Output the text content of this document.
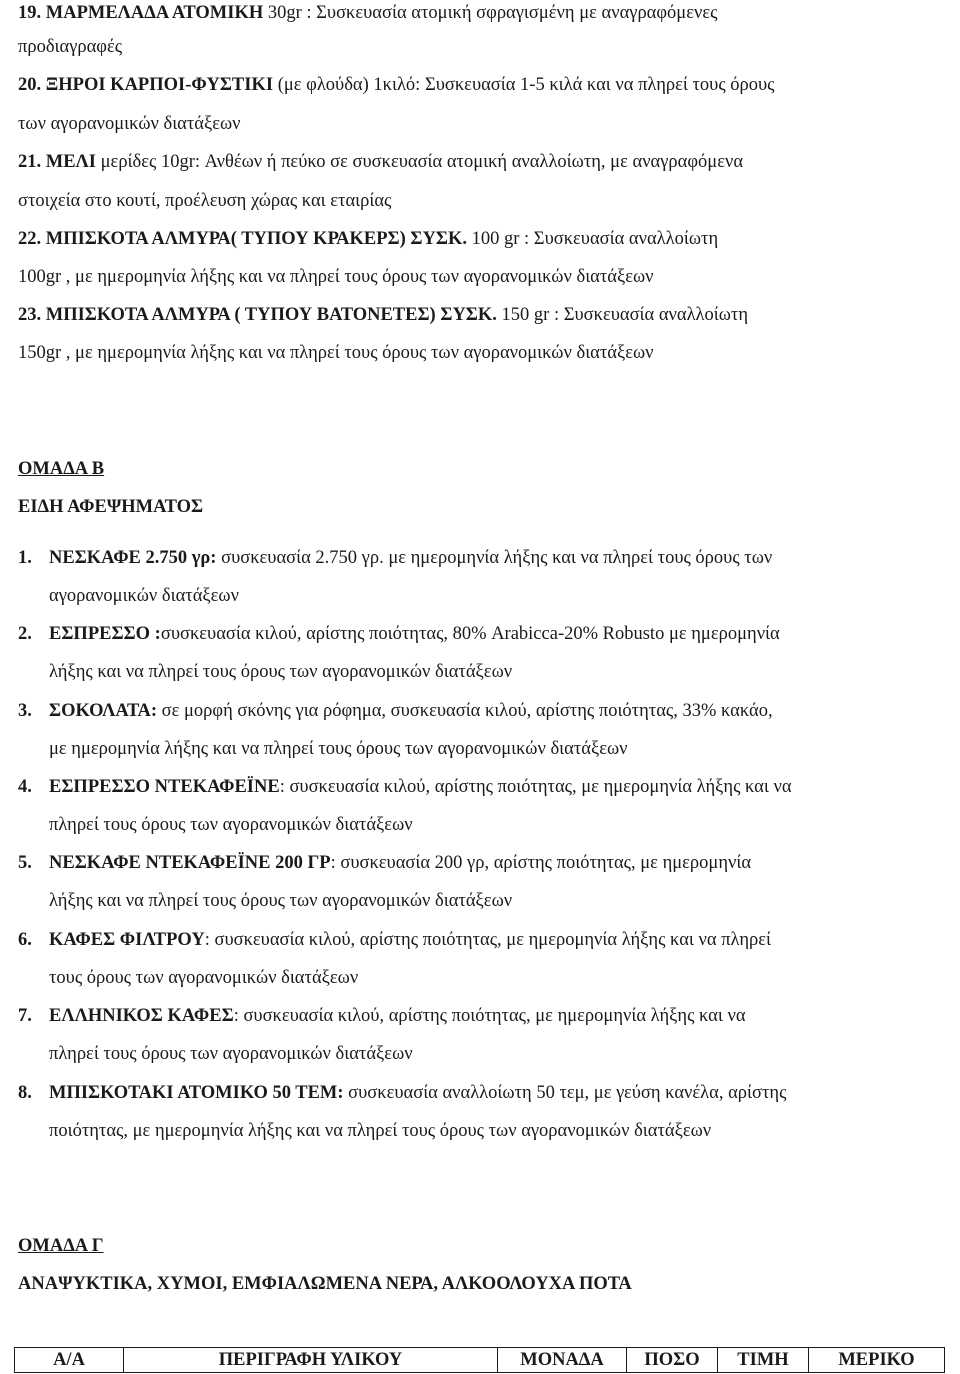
19. ΜΑΡΜΕΛΑΔΑ ΑΤΟΜΙΚΗ 30gr : Συσκευασία ατομική σφραγισμένη με αναγραφόμενες
προδιαγραφές
20. ΞΗΡΟΙ ΚΑΡΠΟΙ-ΦΥΣΤΙΚΙ (με φλούδα) 1κιλό: Συσκευασία 1-5 κιλά και να πληρεί τους όρους
των αγορανομικών διατάξεων
21. ΜΕΛΙ μερίδες 10gr: Ανθέων ή πεύκο σε συσκευασία ατομική αναλλοίωτη, με αναγραφόμενα
στοιχεία στο κουτί, προέλευση χώρας και εταιρίας
22. ΜΠΙΣΚΟΤΑ ΑΛΜΥΡΑ( ΤΥΠΟΥ ΚΡΑΚΕΡΣ) ΣΥΣΚ. 100 gr : Συσκευασία αναλλοίωτη
100gr , με ημερομηνία λήξης και να πληρεί τους όρους των αγορανομικών διατάξεων
23. ΜΠΙΣΚΟΤΑ ΑΛΜΥΡΑ ( ΤΥΠΟΥ ΒΑΤΟΝΕΤΕΣ) ΣΥΣΚ. 150 gr : Συσκευασία αναλλοίωτη
150gr , με ημερομηνία λήξης και να πληρεί τους όρους των αγορανομικών διατάξεων
ΟΜΑΔΑ Β
ΕΙΔΗ ΑΦΕΨΗΜΑΤΟΣ
1. ΝΕΣΚΑΦΕ 2.750 γρ: συσκευασία 2.750 γρ. με ημερομηνία λήξης και να πληρεί τους όρους των
αγορανομικών διατάξεων
2. ΕΣΠΡΕΣΣΟ :συσκευασία κιλού, αρίστης ποιότητας, 80% Arabicca-20% Robusto με ημερομηνία
λήξης και να πληρεί τους όρους των αγορανομικών διατάξεων
3. ΣΟΚΟΛΑΤΑ: σε μορφή σκόνης για ρόφημα, συσκευασία κιλού, αρίστης ποιότητας, 33% κακάο,
με ημερομηνία λήξης και να πληρεί τους όρους των αγορανομικών διατάξεων
4. ΕΣΠΡΕΣΣΟ ΝΤΕΚΑΦΕΪΝΕ: συσκευασία κιλού, αρίστης ποιότητας, με ημερομηνία λήξης και να
πληρεί τους όρους των αγορανομικών διατάξεων
5. ΝΕΣΚΑΦΕ ΝΤΕΚΑΦΕΪΝΕ 200 ΓΡ: συσκευασία 200 γρ, αρίστης ποιότητας, με ημερομηνία
λήξης και να πληρεί τους όρους των αγορανομικών διατάξεων
6. ΚΑΦΕΣ ΦΙΛΤΡΟΥ: συσκευασία κιλού, αρίστης ποιότητας, με ημερομηνία λήξης και να πληρεί
τους όρους των αγορανομικών διατάξεων
7. ΕΛΛΗΝΙΚΟΣ ΚΑΦΕΣ: συσκευασία κιλού, αρίστης ποιότητας, με ημερομηνία λήξης και να
πληρεί τους όρους των αγορανομικών διατάξεων
8. ΜΠΙΣΚΟΤΑΚΙ ΑΤΟΜΙΚΟ 50 ΤΕΜ: συσκευασία αναλλοίωτη 50 τεμ, με γεύση κανέλα, αρίστης
ποιότητας, με ημερομηνία λήξης και να πληρεί τους όρους των αγορανομικών διατάξεων
ΟΜΑΔΑ Γ
ΑΝΑΨΥΚΤΙΚΑ, ΧΥΜΟΙ, ΕΜΦΙΑΛΩΜΕΝΑ ΝΕΡΑ, ΑΛΚΟΟΛΟΥΧΑ ΠΟΤΑ
Α/Α	ΠΕΡΙΓΡΑΦΗ ΥΛΙΚΟΥ	ΜΟΝΑΔΑ	ΠΟΣΟ	ΤΙΜΗ	ΜΕΡΙΚΟ
